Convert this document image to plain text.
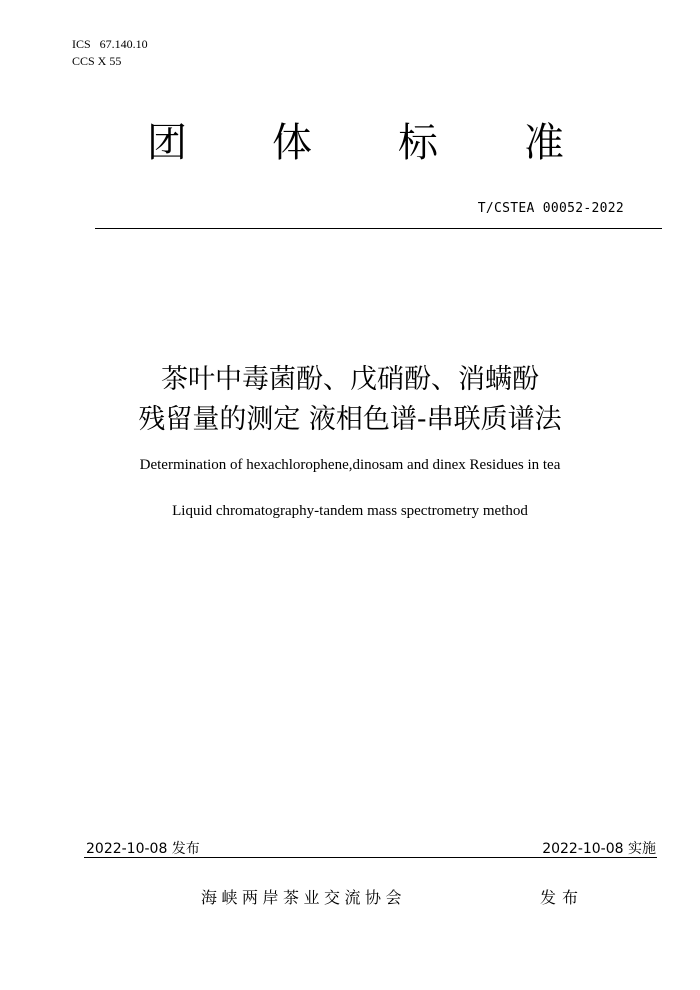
ICS   67.140.10
CCS X 55
团 体 标 准
T/CSTEA 00052-2022
茶叶中毒菌酚、戊硝酚、消螨酚
残留量的测定 液相色谱-串联质谱法
Determination of hexachlorophene,dinosam and dinex Residues in tea
Liquid chromatography-tandem mass spectrometry method
2022-10-08 发布	2022-10-08 实施
海峡两岸茶业交流协会	发布
